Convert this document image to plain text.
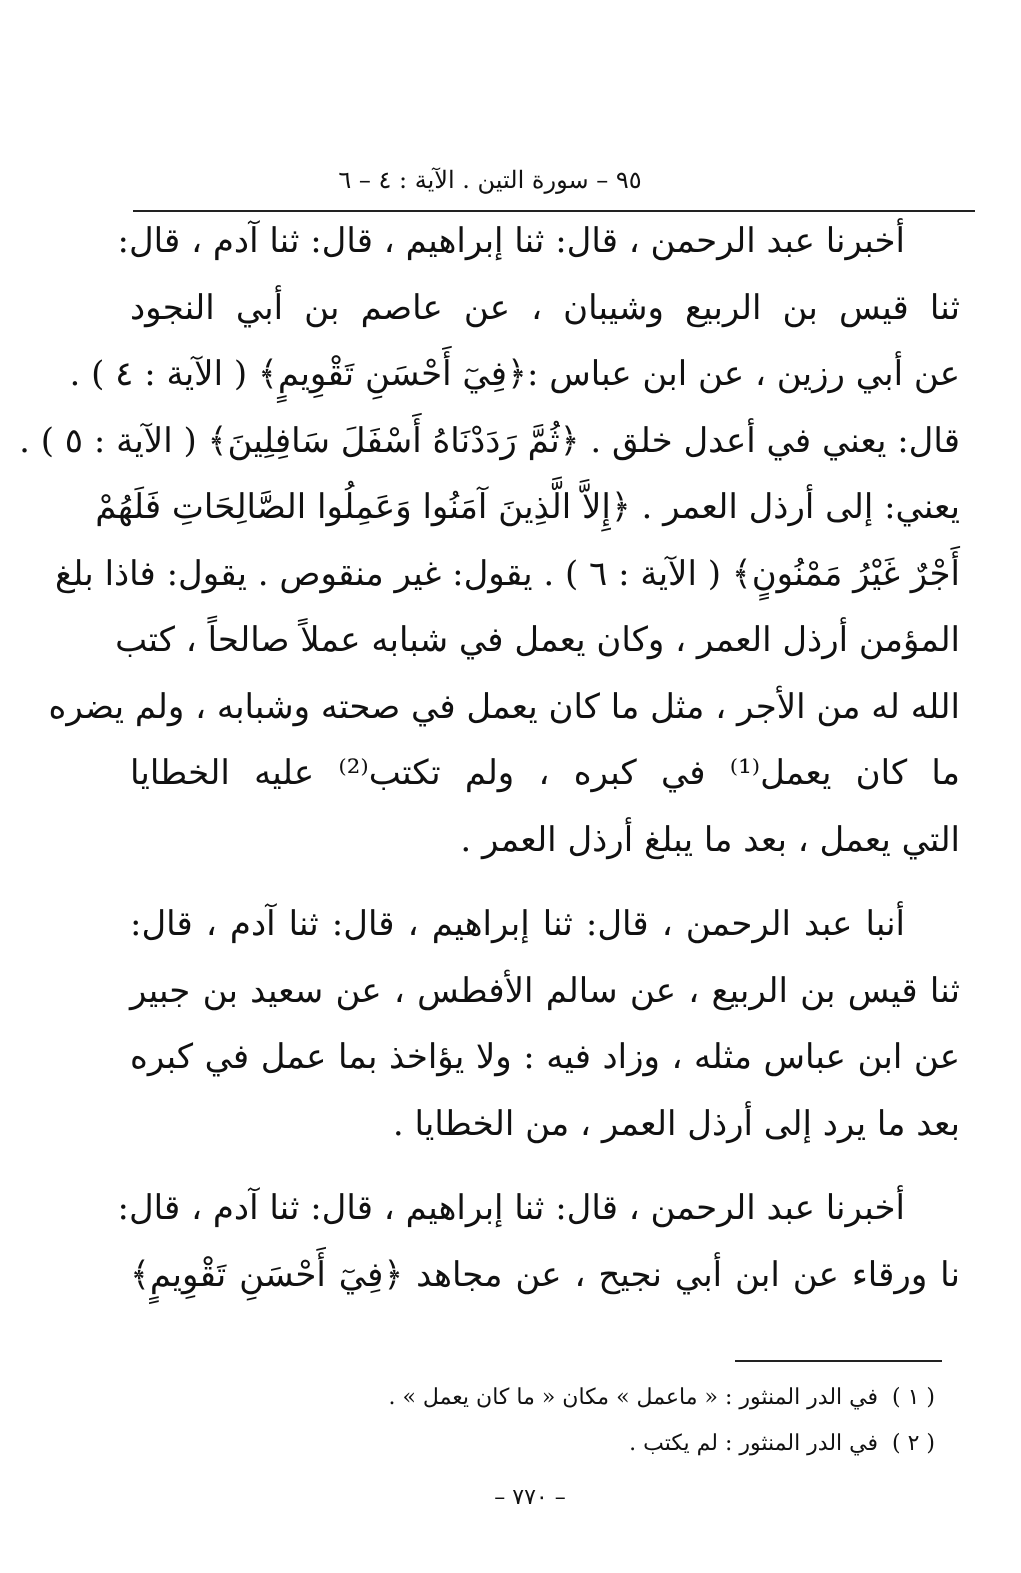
٩٥ – سورة التين . الآية : ٤ – ٦
أخبرنا عبد الرحمن ، قال: ثنا إبراهيم ، قال: ثنا آدم ، قال:
ثنا قيس بن الربيع وشيبان ، عن عاصم بن أبي النجود
عن أبي رزين ، عن ابن عباس :﴿فِيٓ أَحْسَنِ تَقْوِيمٍ﴾ ( الآية : ٤ ) .
قال: يعني في أعدل خلق . ﴿ثُمَّ رَدَدْنَاهُ أَسْفَلَ سَافِلِينَ﴾ ( الآية : ٥ ) .
يعني: إلى أرذل العمر . ﴿إِلاَّ الَّذِينَ آمَنُوا وَعَمِلُوا الصَّالِحَاتِ فَلَهُمْ
أَجْرٌ غَيْرُ مَمْنُونٍ﴾ ( الآية : ٦ ) . يقول: غير منقوص . يقول: فاذا بلغ
المؤمن أرذل العمر ، وكان يعمل في شبابه عملاً صالحاً ، كتب
الله له من الأجر ، مثل ما كان يعمل في صحته وشبابه ، ولم يضره
ما كان يعمل⁽¹⁾ في كبره ، ولم تكتب⁽²⁾ عليه الخطايا
التي يعمل ، بعد ما يبلغ أرذل العمر .
أنبا عبد الرحمن ، قال: ثنا إبراهيم ، قال: ثنا آدم ، قال:
ثنا قيس بن الربيع ، عن سالم الأفطس ، عن سعيد بن جبير
عن ابن عباس مثله ، وزاد فيه : ولا يؤاخذ بما عمل في كبره
بعد ما يرد إلى أرذل العمر ، من الخطايا .
أخبرنا عبد الرحمن ، قال: ثنا إبراهيم ، قال: ثنا آدم ، قال:
نا ورقاء عن ابن أبي نجيح ، عن مجاهد ﴿فِيٓ أَحْسَنِ تَقْوِيمٍ﴾
( ١ )في الدر المنثور : « ماعمل » مكان « ما كان يعمل » .
( ٢ )في الدر المنثور : لم يكتب .
– ٧٧٠ –
